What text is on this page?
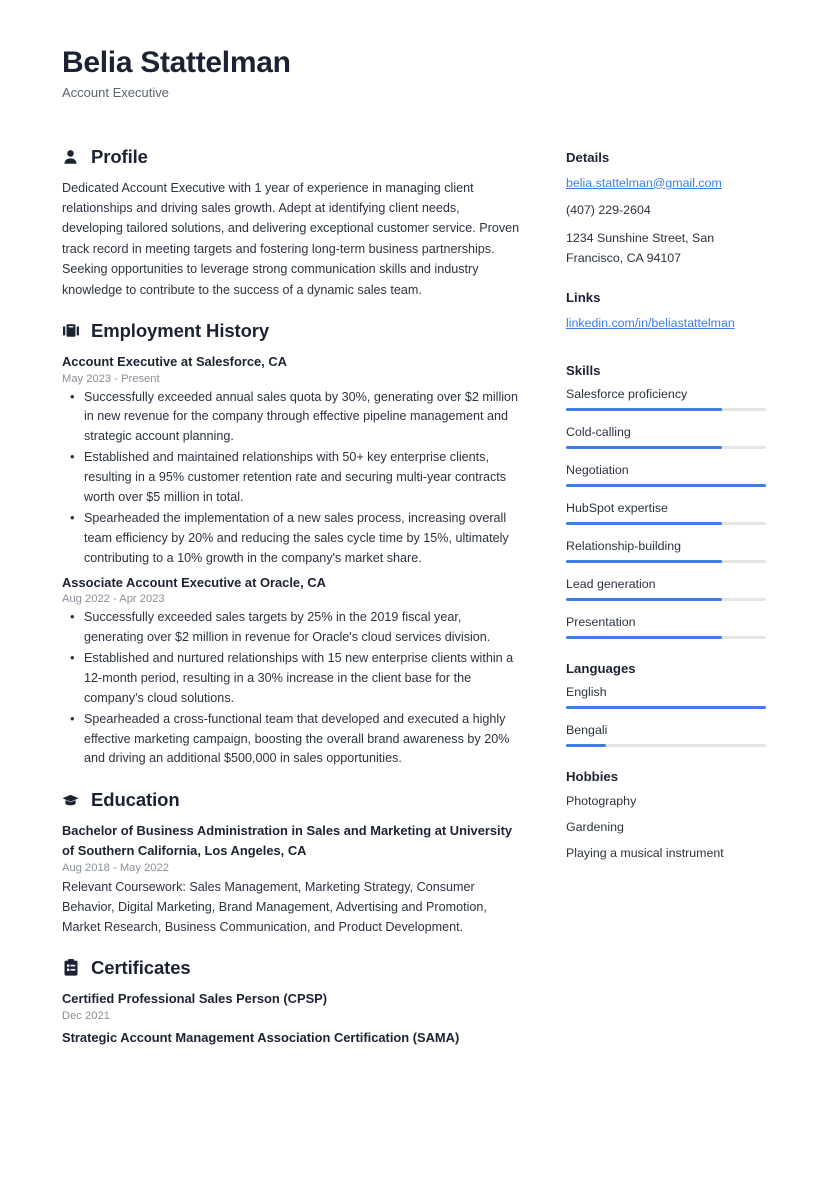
Belia Stattelman
Account Executive
Profile
Dedicated Account Executive with 1 year of experience in managing client relationships and driving sales growth. Adept at identifying client needs, developing tailored solutions, and delivering exceptional customer service. Proven track record in meeting targets and fostering long-term business partnerships. Seeking opportunities to leverage strong communication skills and industry knowledge to contribute to the success of a dynamic sales team.
Employment History
Account Executive at Salesforce, CA
May 2023 - Present
• Successfully exceeded annual sales quota by 30%, generating over $2 million in new revenue for the company through effective pipeline management and strategic account planning.
• Established and maintained relationships with 50+ key enterprise clients, resulting in a 95% customer retention rate and securing multi-year contracts worth over $5 million in total.
• Spearheaded the implementation of a new sales process, increasing overall team efficiency by 20% and reducing the sales cycle time by 15%, ultimately contributing to a 10% growth in the company's market share.
Associate Account Executive at Oracle, CA
Aug 2022 - Apr 2023
• Successfully exceeded sales targets by 25% in the 2019 fiscal year, generating over $2 million in revenue for Oracle's cloud services division.
• Established and nurtured relationships with 15 new enterprise clients within a 12-month period, resulting in a 30% increase in the client base for the company's cloud solutions.
• Spearheaded a cross-functional team that developed and executed a highly effective marketing campaign, boosting the overall brand awareness by 20% and driving an additional $500,000 in sales opportunities.
Education
Bachelor of Business Administration in Sales and Marketing at University of Southern California, Los Angeles, CA
Aug 2018 - May 2022
Relevant Coursework: Sales Management, Marketing Strategy, Consumer Behavior, Digital Marketing, Brand Management, Advertising and Promotion, Market Research, Business Communication, and Product Development.
Certificates
Certified Professional Sales Person (CPSP)
Dec 2021
Strategic Account Management Association Certification (SAMA)
Details
belia.stattelman@gmail.com
(407) 229-2604
1234 Sunshine Street, San Francisco, CA 94107
Links
linkedin.com/in/beliastattelman
Skills
Salesforce proficiency
Cold-calling
Negotiation
HubSpot expertise
Relationship-building
Lead generation
Presentation
Languages
English
Bengali
Hobbies
Photography
Gardening
Playing a musical instrument
